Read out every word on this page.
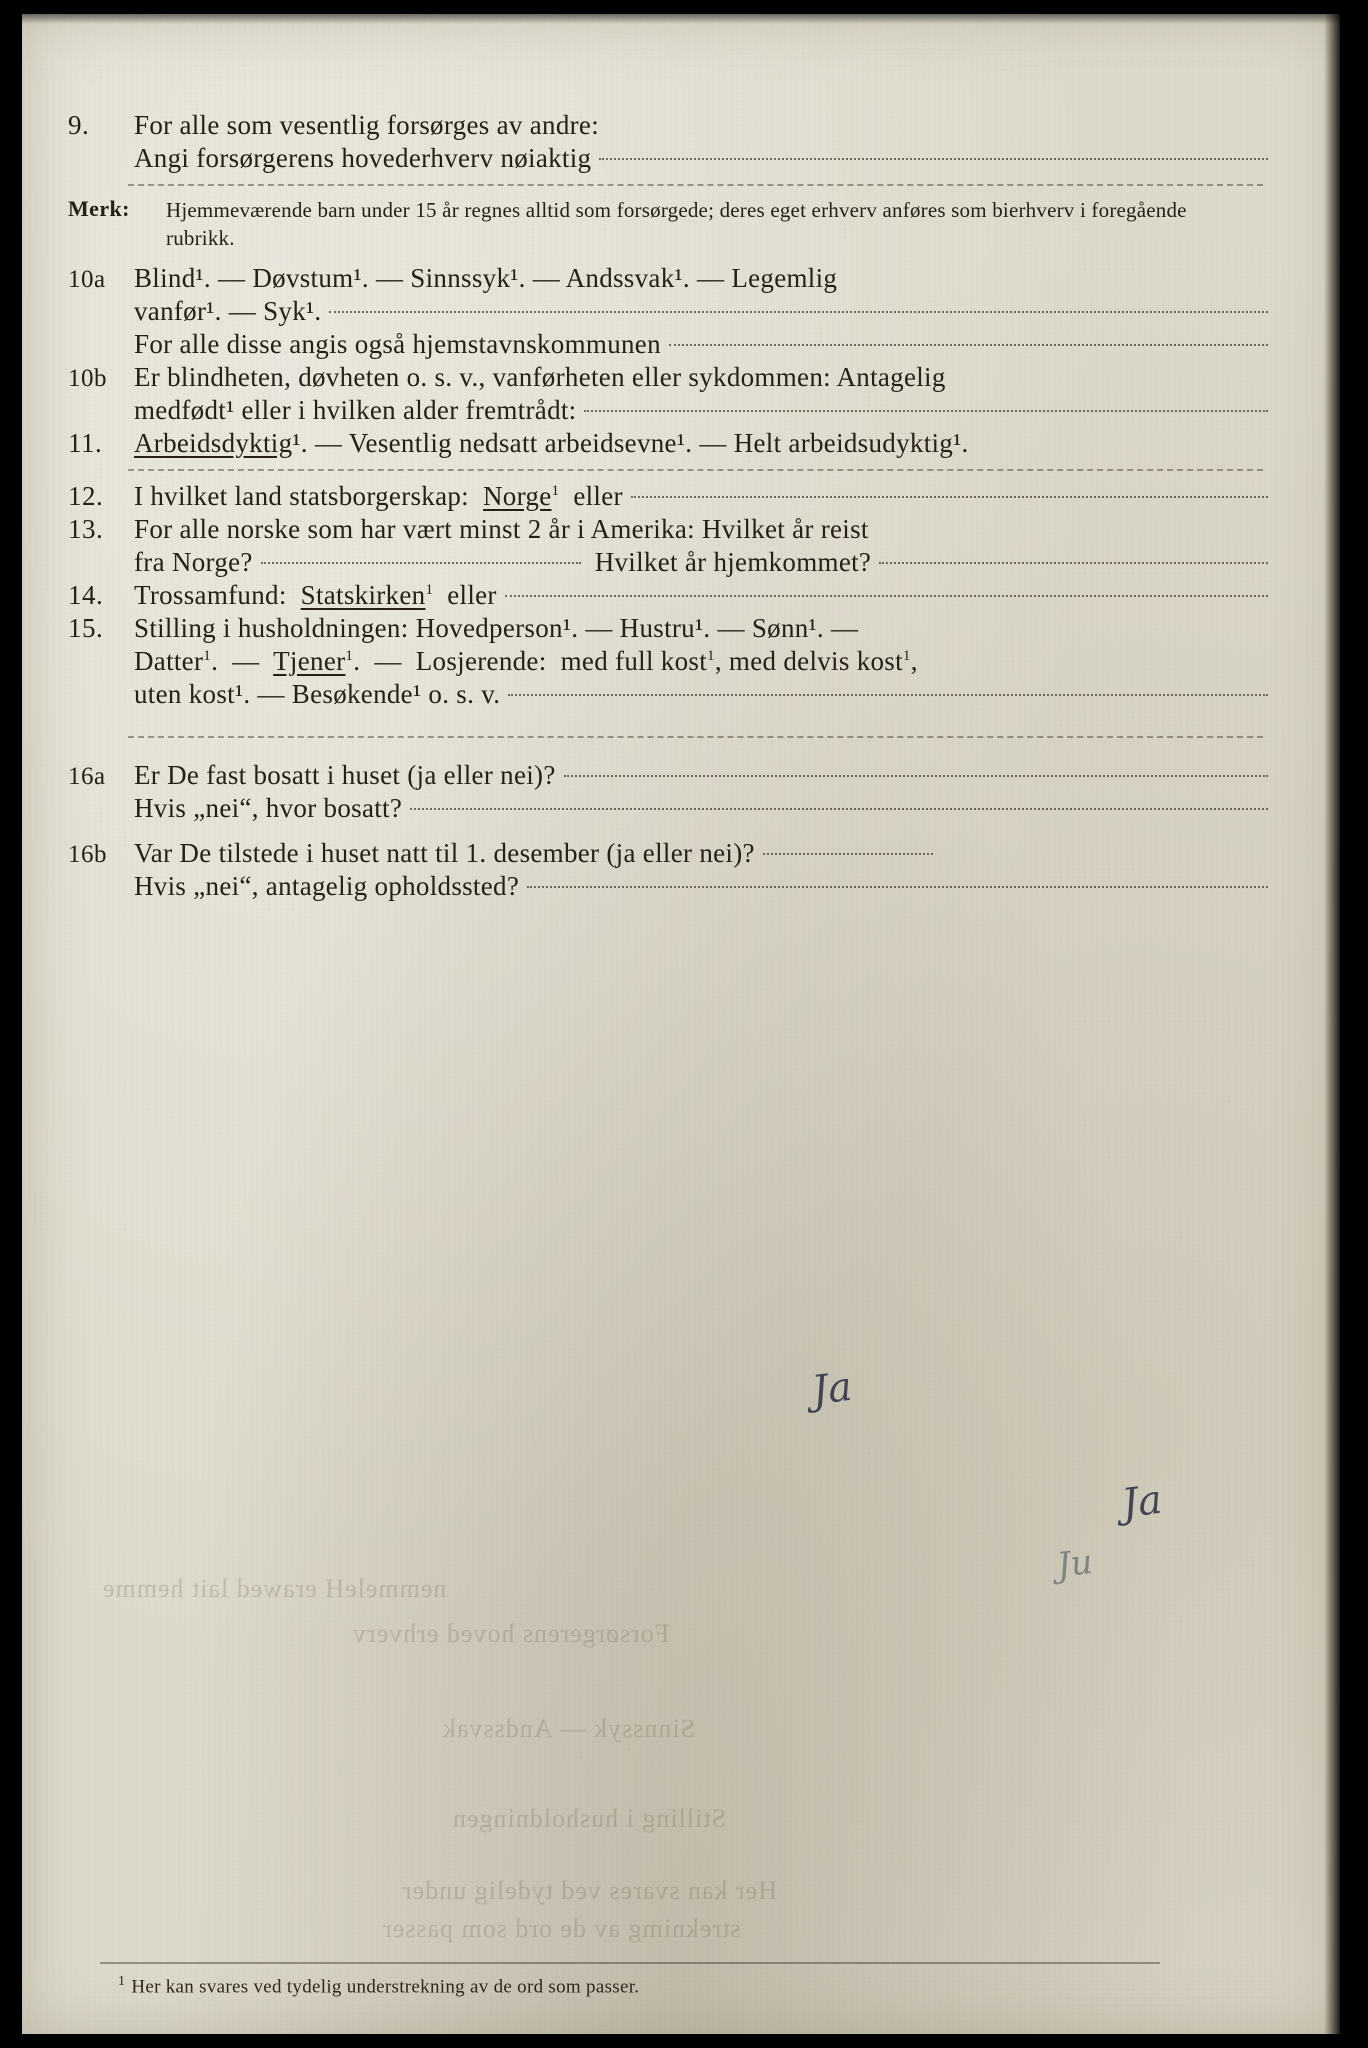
nemmeleH erawed lait hemme
Forsørgerens hoved erhverv
Sinnssyk — Andssvak
Stilling i husholdningen
Her kan svares ved tydelig under
streknimg av de ord som passer
9.	For alle som vesentlig forsørges av andre:
Angi forsørgerens hovederhverv nøiaktig
Merk:	Hjemmeværende barn under 15 år regnes alltid som forsørgede; deres eget erhverv anføres som bierhverv i foregående rubrikk.
10a	Blind¹. — Døvstum¹. — Sinnssyk¹. — Andssvak¹. — Legemlig
vanfør¹. — Syk¹.
For alle disse angis også hjemstavnskommunen
10b	Er blindheten, døvheten o. s. v., vanførheten eller sykdommen: Antagelig
medfødt¹ eller i hvilken alder fremtrådt:
11.	Arbeidsdyktig¹. — Vesentlig nedsatt arbeidsevne¹. — Helt arbeidsudyktig¹.
12.	I hvilket land statsborgerskap: Norge$^1$ eller
13.	For alle norske som har vært minst 2 år i Amerika: Hvilket år reist
fra Norge?	Hvilket år hjemkommet?
14.	Trossamfund: Statskirken$^1$ eller
15.	Stilling i husholdningen: Hovedperson¹. — Hustru¹. — Sønn¹. —
Datter$^1$.  —  Tjener$^1$.  —  Losjerende:  med full kost$^1$, med delvis kost$^1$,
uten kost¹. — Besøkende¹ o. s. v.
16a	Er De fast bosatt i huset (ja eller nei)?
Hvis „nei“, hvor bosatt?
16b	Var De tilstede i huset natt til 1. desember (ja eller nei)?
Hvis „nei“, antagelig opholdssted?
Ja
Ja
Ju
$^1$ Her kan svares ved tydelig understrekning av de ord som passer.
